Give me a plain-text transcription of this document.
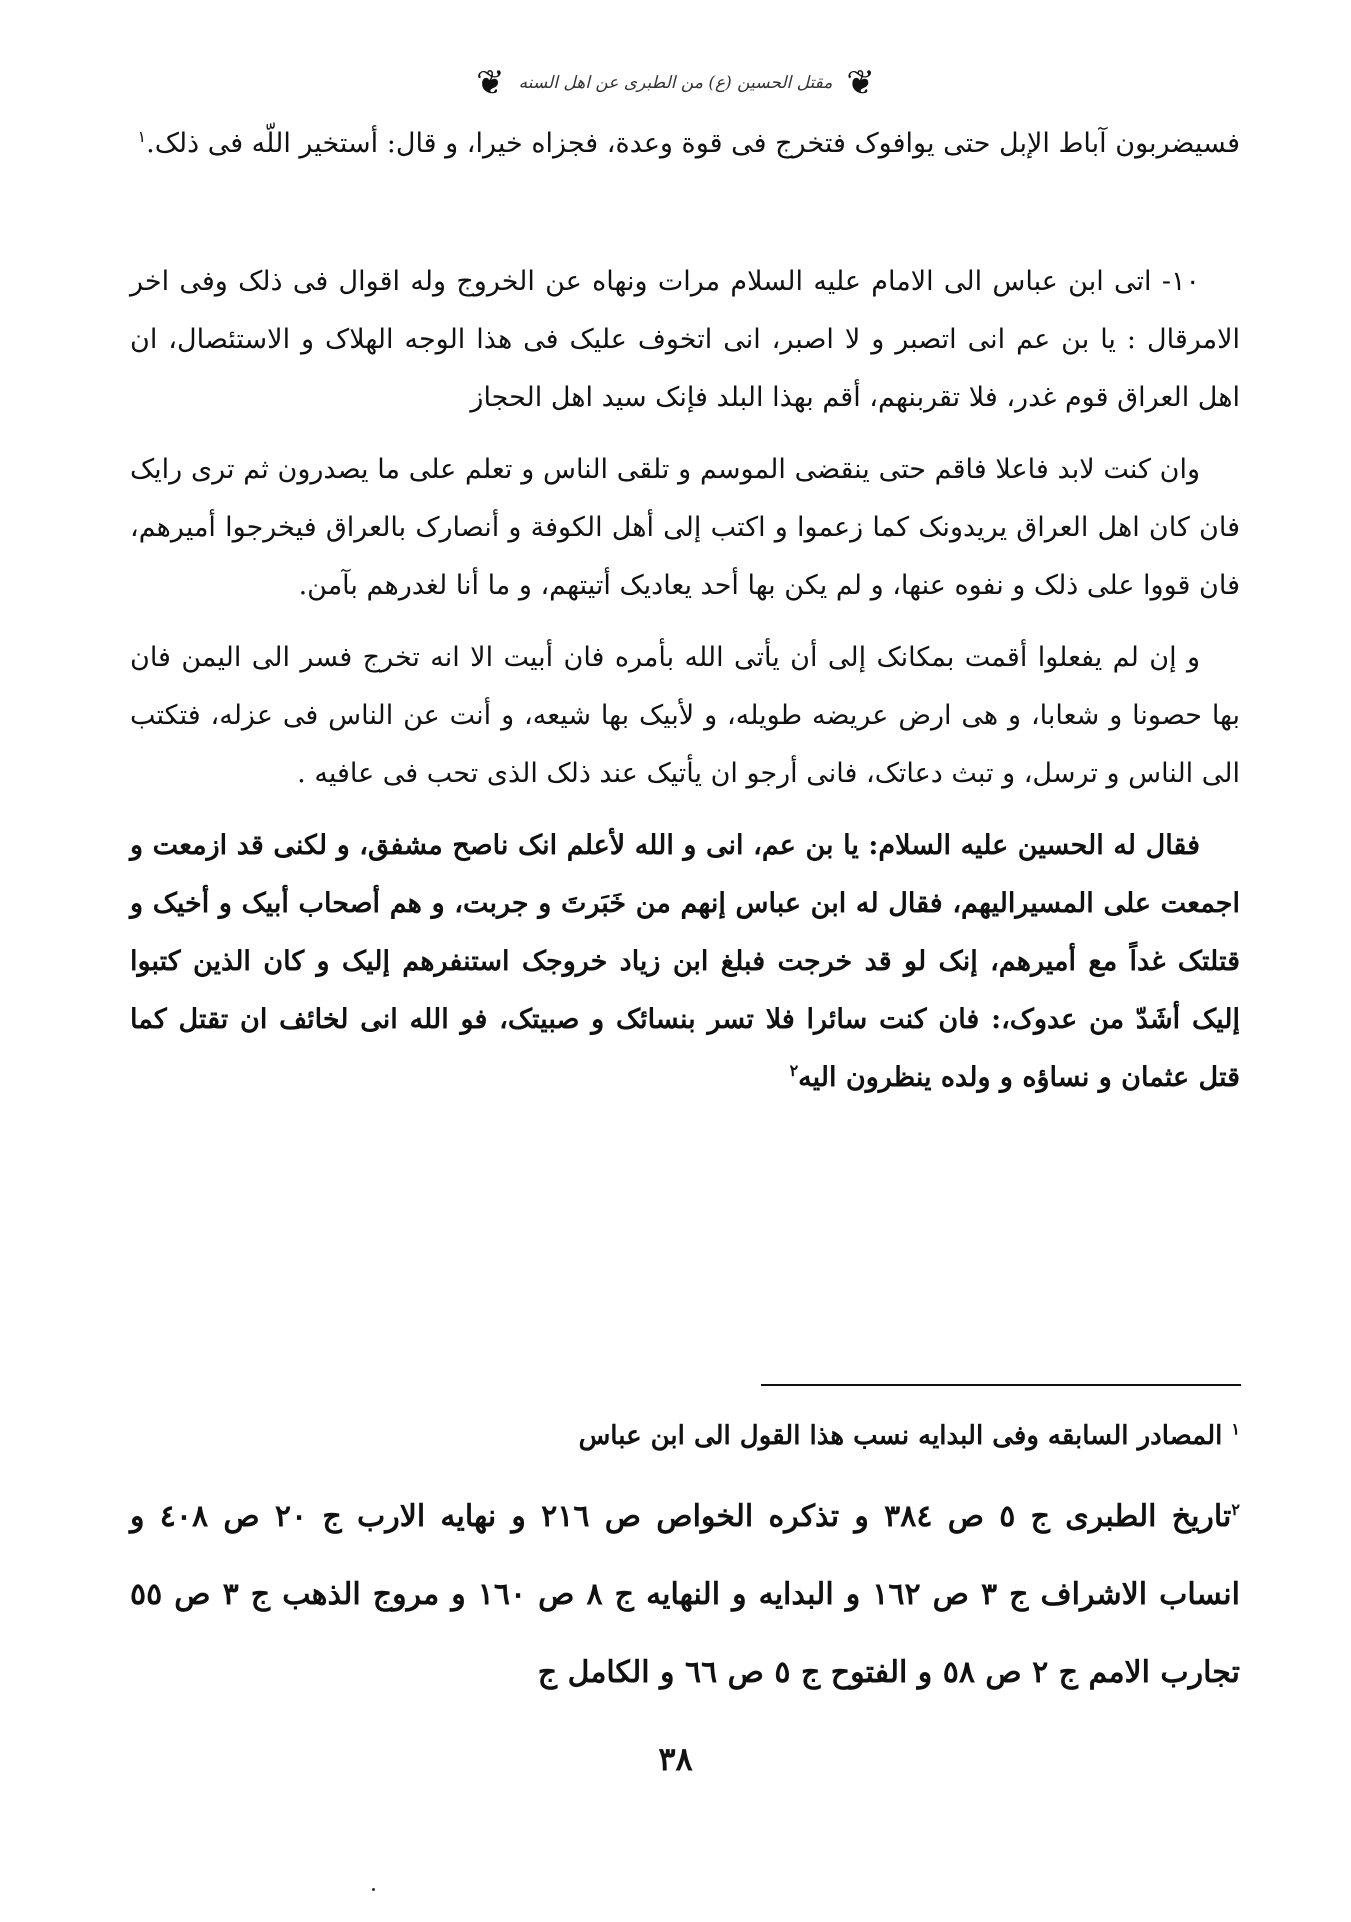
❦
مقتل الحسین (ع) من الطبری عن اهل السنه
❦

فسیضربون آباط الإبل حتی یوافوک فتخرج فی قوة وعدة، فجزاه خیرا، و قال: أستخیر اللّه فی ذلک.$^١$

١٠- اتی ابن عباس الی الامام علیه السلام مرات ونهاه عن الخروج وله اقوال فی ذلک وفی اخر الامرقال : یا بن عم انی اتصبر و لا اصبر، انی اتخوف علیک فی هذا الوجه الهلاک و الاستئصال، ان اهل العراق قوم غدر، فلا تقربنهم، أقم بهذا البلد فإنک سید اهل الحجاز

وان کنت لابد فاعلا فاقم حتی ینقضی الموسم و تلقی الناس و تعلم علی ما یصدرون ثم تری رایک فان کان اهل العراق یریدونک کما زعموا و اکتب إلی أهل الکوفة و أنصارک بالعراق فیخرجوا أمیرهم، فان قووا علی ذلک و نفوه عنها، و لم یکن بها أحد یعادیک أتیتهم، و ما أنا لغدرهم بآمن.

و إن لم یفعلوا أقمت بمکانک إلی أن یأتی الله بأمره فان أبیت الا انه تخرج فسر الی الیمن فان بها حصونا و شعابا، و هی ارض عریضه طویله، و لأبیک بها شیعه، و أنت عن الناس فی عزله، فتکتب الی الناس و ترسل، و تبث دعاتک، فانی أرجو ان یأتیک عند ذلک الذی تحب فی عافیه .

فقال له الحسین علیه السلام: یا بن عم، انی و الله لأعلم انک ناصح مشفق، و لکنی قد ازمعت و اجمعت علی المسیرالیهم، فقال له ابن عباس إنهم من خَبَرتَ و جربت، و هم أصحاب أبیک و أخیک و قتلتک غداً مع أمیرهم، إنک لو قد خرجت فبلغ ابن زیاد خروجک استنفرهم إلیک و کان الذین کتبوا إلیک أشَدّ من عدوک،: فان کنت سائرا فلا تسر بنسائک و صبیتک، فو الله انی لخائف ان تقتل کما قتل عثمان و نساؤه و ولده ینظرون الیه$^٢$

$^١$ المصادر السابقه وفی البدایه نسب هذا القول الی ابن عباس

$^٢$تاریخ الطبری ج ٥ ص ٣٨٤ و تذکره الخواص ص ٢١٦ و نهایه الارب ج ٢٠ ص ٤٠٨ و انساب الاشراف ج ٣ ص ١٦٢ و البدایه و النهایه ج ٨ ص ١٦٠ و مروج الذهب ج ٣ ص ٥٥ تجارب الامم ج ٢ ص ٥٨ و الفتوح ج ٥ ص ٦٦ و الکامل ج

٣٨
